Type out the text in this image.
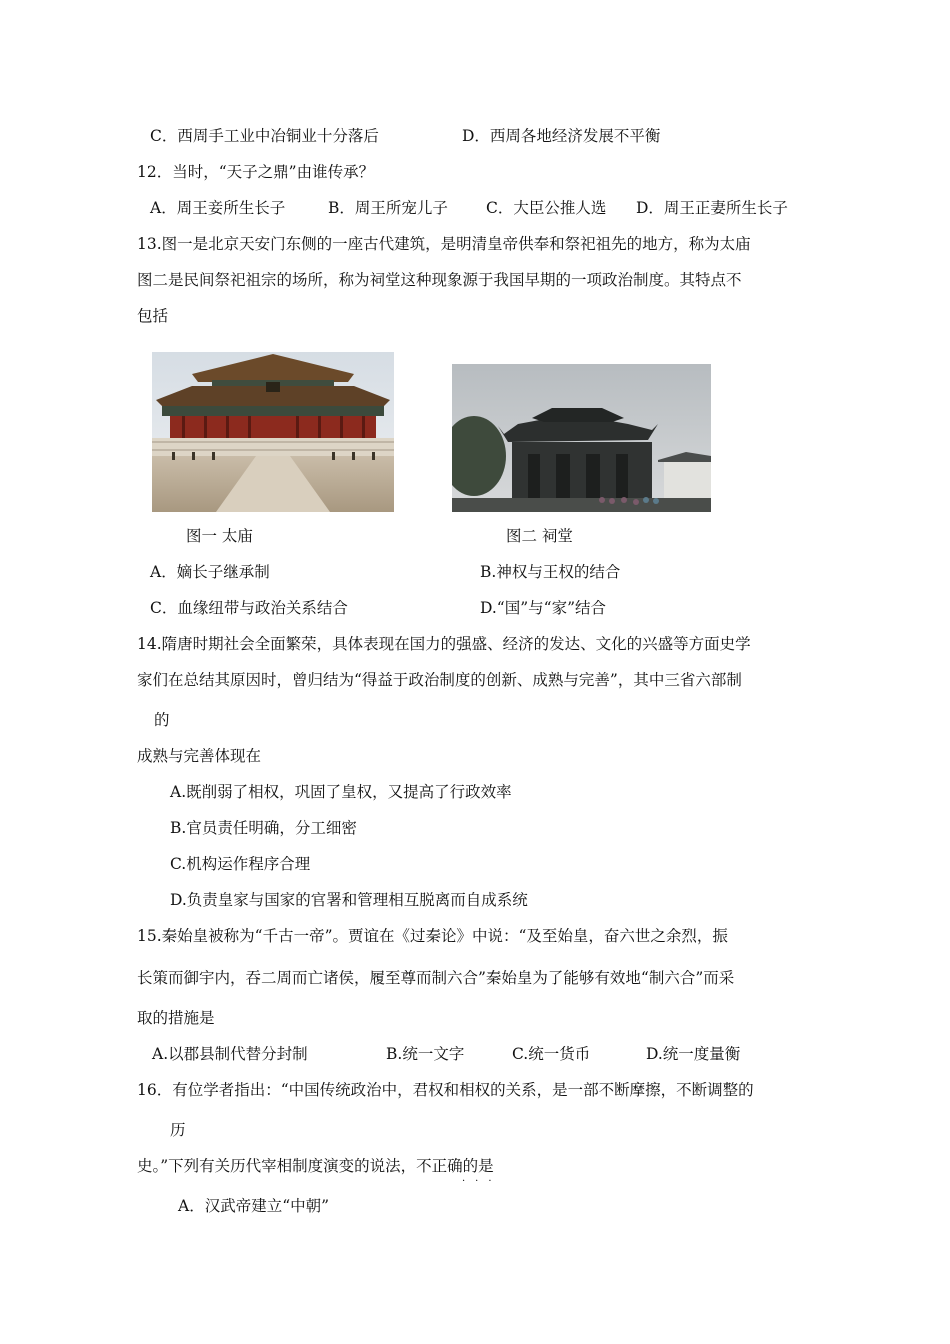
C．西周手工业中冶铜业十分落后	D．西周各地经济发展不平衡
12．当时，“天子之鼎”由谁传承？
A．周王妾所生长子	B．周王所宠儿子 C．大臣公推人选 D．周王正妻所生长子
13.图一是北京天安门东侧的一座古代建筑，是明清皇帝供奉和祭祀祖先的地方，称为太庙
图二是民间祭祀祖宗的场所，称为祠堂这种现象源于我国早期的一项政治制度。其特点不
包括
图一 太庙	图二 祠堂
A．嫡长子继承制	B.神权与王权的结合
C．血缘纽带与政治关系结合	D.“国”与“家”结合
14.隋唐时期社会全面繁荣，具体表现在国力的强盛、经济的发达、文化的兴盛等方面史学
家们在总结其原因时，曾归结为“得益于政治制度的创新、成熟与完善”，其中三省六部制
的
成熟与完善体现在
A.既削弱了相权，巩固了皇权，又提高了行政效率
B.官员责任明确，分工细密
C.机构运作程序合理
D.负责皇家与国家的官署和管理相互脱离而自成系统
15.秦始皇被称为“千古一帝”。贾谊在《过秦论》中说：“及至始皇，奋六世之余烈，振
长策而御宇内，吞二周而亡诸侯，履至尊而制六合”秦始皇为了能够有效地“制六合”而采
取的措施是
A.以郡县制代替分封制	B.统一文字	C.统一货币	D.统一度量衡
16．有位学者指出：“中国传统政治中，君权和相权的关系，是一部不断摩擦，不断调整的
历
史。”下列有关历代宰相制度演变的说法，不正确的是
···
A．汉武帝建立“中朝”
